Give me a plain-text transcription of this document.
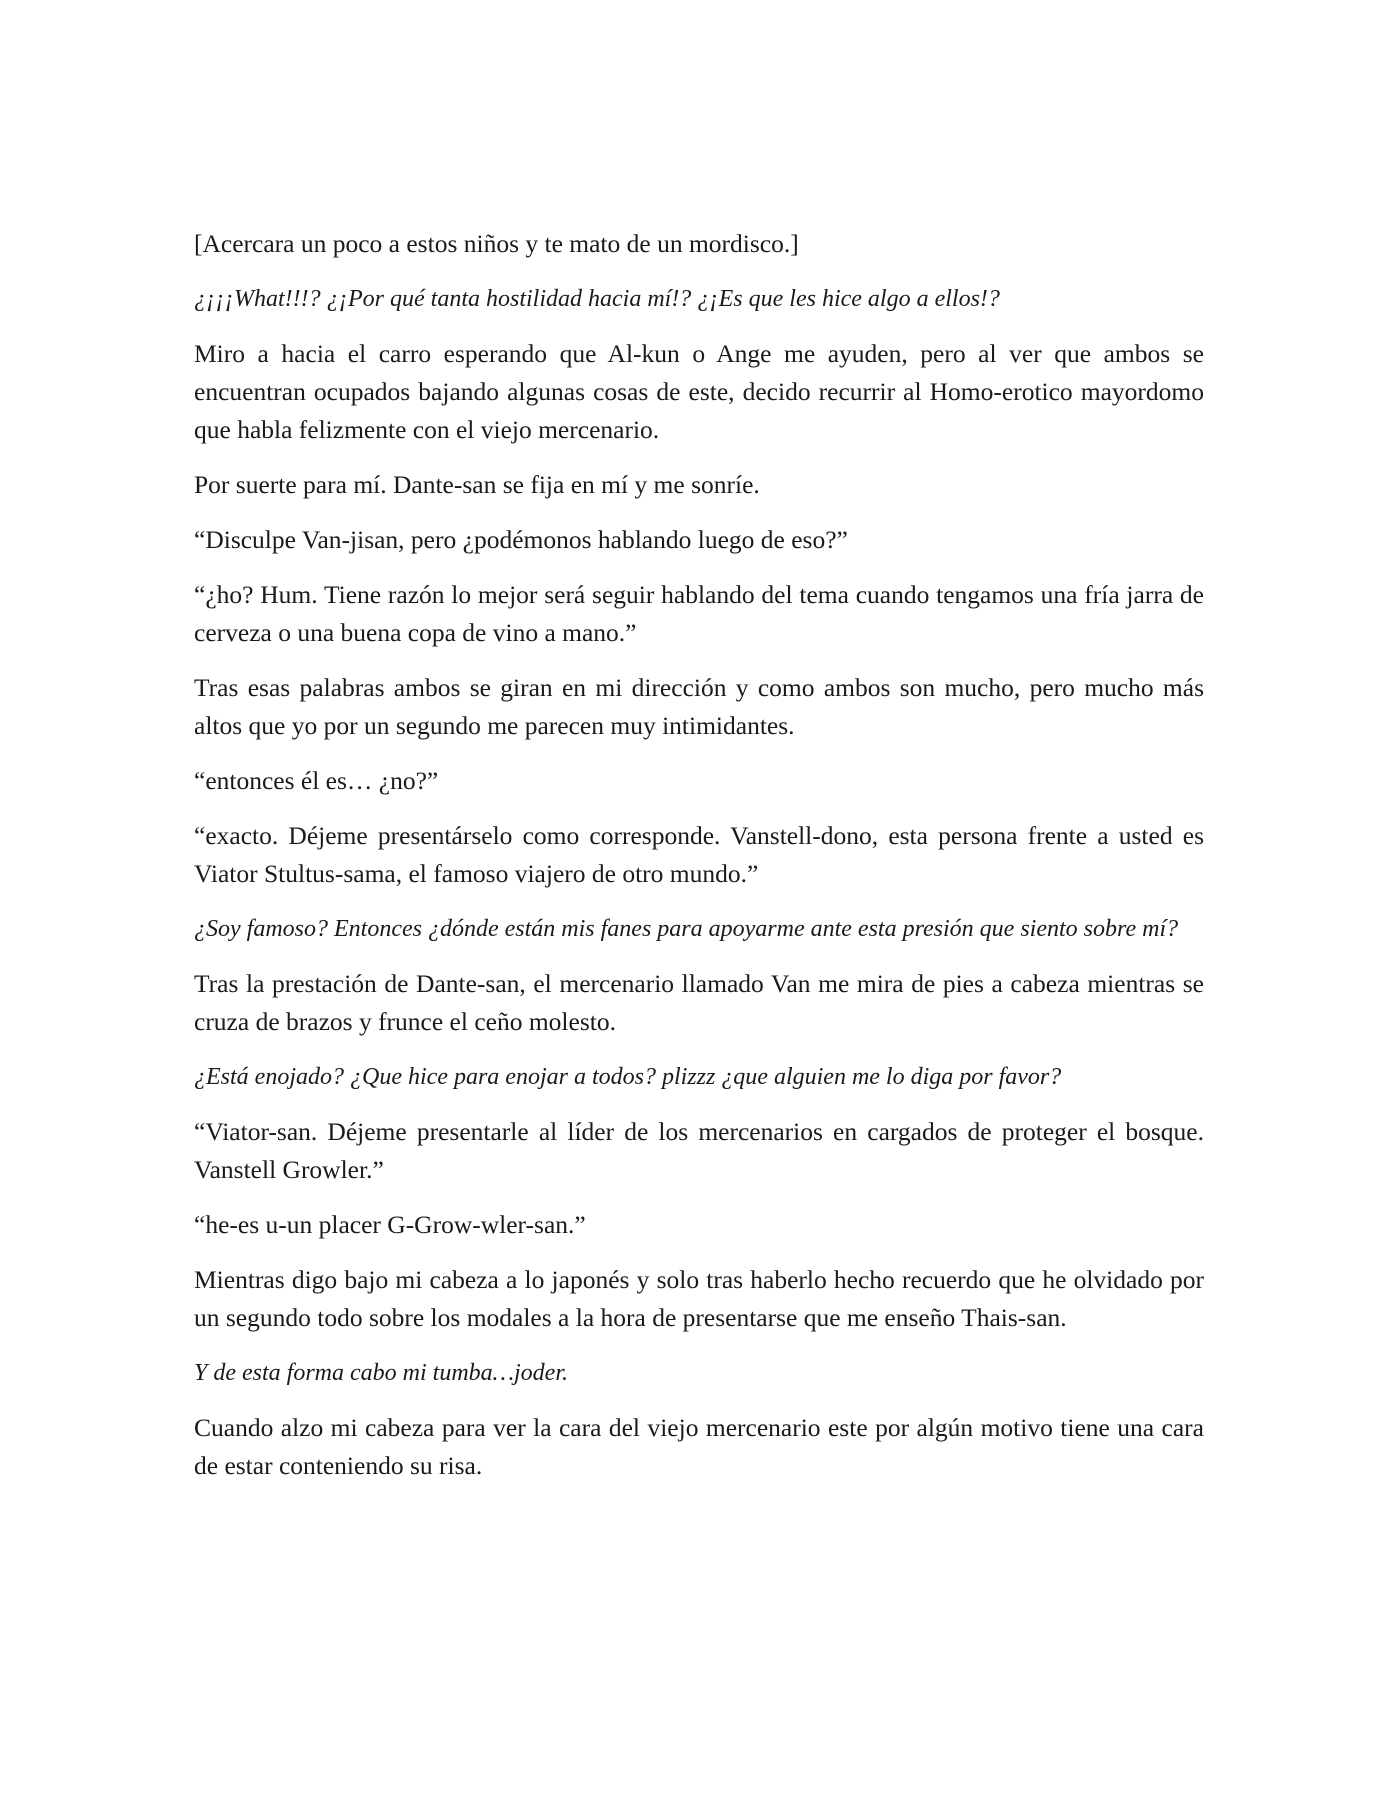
[Acercara un poco a estos niños y te mato de un mordisco.]

¿¡¡¡What!!!? ¿¡Por qué tanta hostilidad hacia mí!? ¿¡Es que les hice algo a ellos!?

Miro a hacia el carro esperando que Al-kun o Ange me ayuden, pero al ver que ambos se encuentran ocupados bajando algunas cosas de este, decido recurrir al Homo-erotico mayordomo que habla felizmente con el viejo mercenario.

Por suerte para mí. Dante-san se fija en mí y me sonríe.

“Disculpe Van-jisan, pero ¿podémonos hablando luego de eso?”

“¿ho? Hum. Tiene razón lo mejor será seguir hablando del tema cuando tengamos una fría jarra de cerveza o una buena copa de vino a mano.”

Tras esas palabras ambos se giran en mi dirección y como ambos son mucho, pero mucho más altos que yo por un segundo me parecen muy intimidantes.

“entonces él es… ¿no?”

“exacto. Déjeme presentárselo como corresponde. Vanstell-dono, esta persona frente a usted es Viator Stultus-sama, el famoso viajero de otro mundo.”

¿Soy famoso? Entonces ¿dónde están mis fanes para apoyarme ante esta presión que siento sobre mí?

Tras la prestación de Dante-san, el mercenario llamado Van me mira de pies a cabeza mientras se cruza de brazos y frunce el ceño molesto.

¿Está enojado? ¿Que hice para enojar a todos? plizzz ¿que alguien me lo diga por favor?

“Viator-san. Déjeme presentarle al líder de los mercenarios en cargados de proteger el bosque. Vanstell Growler.”

“he-es u-un placer G-Grow-wler-san.”

Mientras digo bajo mi cabeza a lo japonés y solo tras haberlo hecho recuerdo que he olvidado por un segundo todo sobre los modales a la hora de presentarse que me enseño Thais-san.

Y de esta forma cabo mi tumba…joder.

Cuando alzo mi cabeza para ver la cara del viejo mercenario este por algún motivo tiene una cara de estar conteniendo su risa.
